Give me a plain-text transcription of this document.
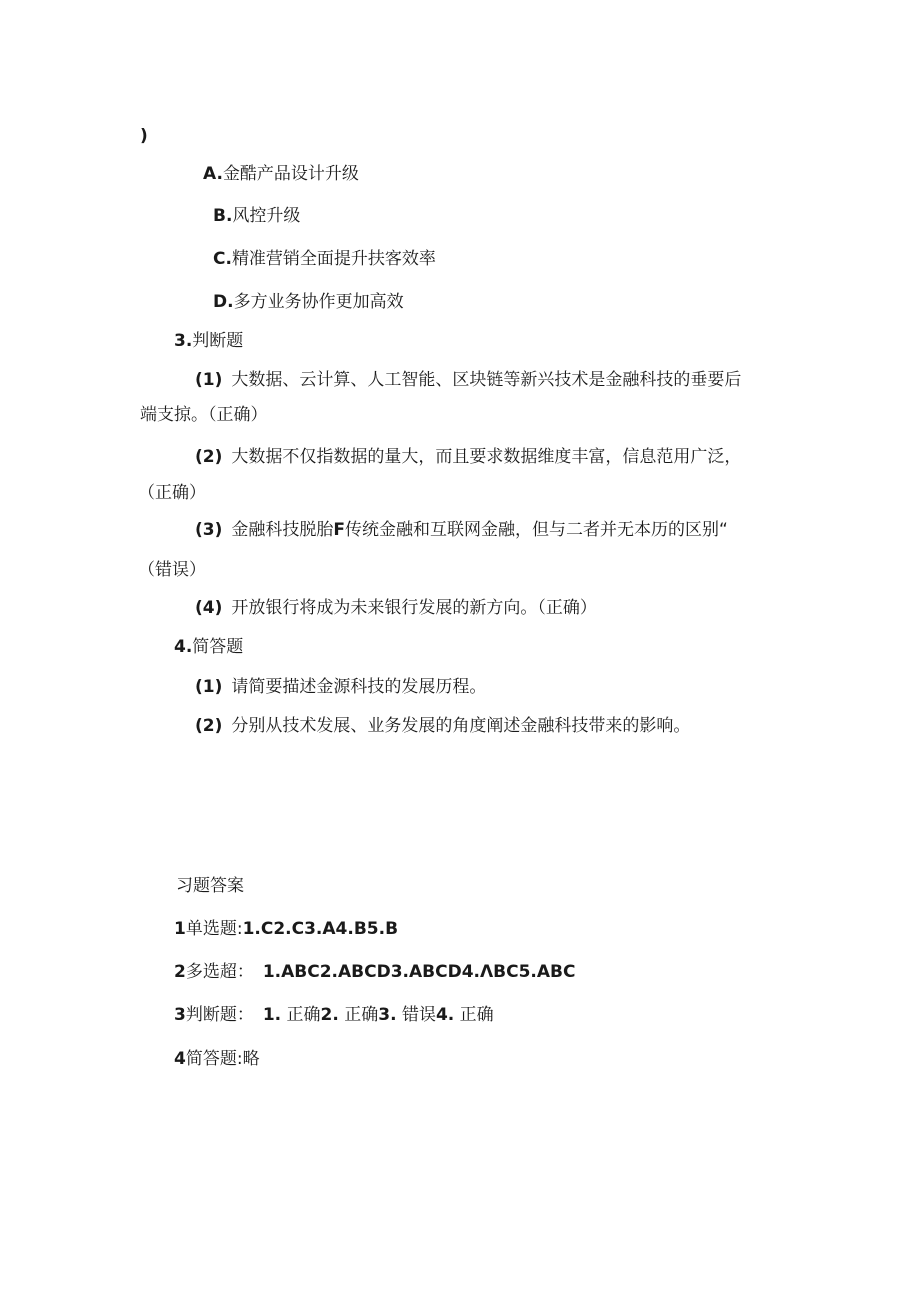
)
A.金酷产品设计升级
B.风控升级
C.精准营销全面提升扶客效率
D.多方业务协作更加高效
3.判断题
(1) 大数据、云计算、人工智能、区块链等新兴技术是金融科技的垂要后
端支掠。（正确）
(2) 大数据不仅指数据的量大，而且要求数据维度丰富，信息范用广泛，
（正确）
(3) 金融科技脱胎F传统金融和互联网金融，但与二者并无本历的区别“
（错误）
(4) 开放银行将成为未来银行发展的新方向。（正确）
4.简答题
(1) 请简要描述金源科技的发展历程。
(2) 分别从技术发展、业务发展的角度阐述金融科技带来的影响。
习题答案
1单选题:1.C2.C3.A4.B5.B
2多选超： 1.ABC2.ABCD3.ABCD4.ΛBC5.ABC
3判断题： 1. 正确2. 正确3. 错误4. 正确
4简答题:略
